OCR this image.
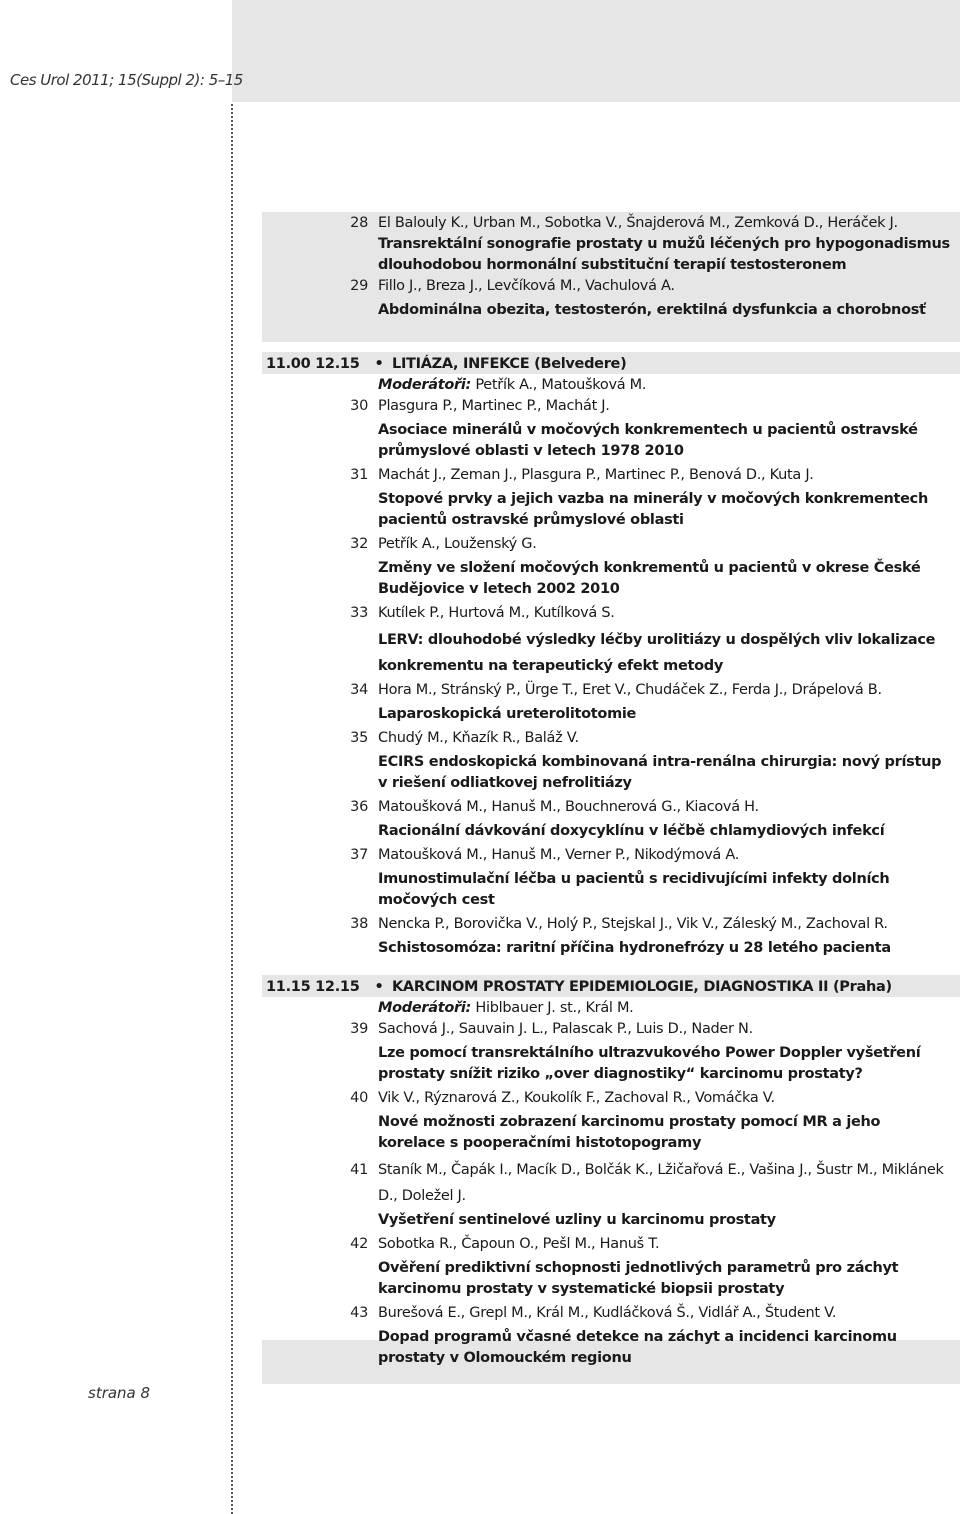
Ces Urol 2011; 15(Suppl 2): 5–15
strana 8
28 El Balouly K., Urban M., Sobotka V., Šnajderová M., Zemková D., Heráček J.
Transrektální sonografie prostaty u mužů léčených pro hypogonadismus dlouhodobou hormonální substituční terapií testosteronem
29 Fillo J., Breza J., Levčíková M., Vachulová A.
Abdominálna obezita, testosterón, erektilná dysfunkcia a chorobnosť
11.00 12.15	• LITIÁZA, INFEKCE (Belvedere)
Moderátoři: Petřík A., Matoušková M.
30 Plasgura P., Martinec P., Machát J.
Asociace minerálů v močových konkrementech u pacientů ostravské průmyslové oblasti v letech 1978 2010
31 Machát J., Zeman J., Plasgura P., Martinec P., Benová D., Kuta J.
Stopové prvky a jejich vazba na minerály v močových konkrementech pacientů ostravské průmyslové oblasti
32 Petřík A., Louženský G.
Změny ve složení močových konkrementů u pacientů v okrese České Budějovice v letech 2002 2010
33 Kutílek P., Hurtová M., Kutílková S.
LERV: dlouhodobé výsledky léčby urolitiázy u dospělých vliv lokalizace konkrementu na terapeutický efekt metody
34 Hora M., Stránský P., Ürge T., Eret V., Chudáček Z., Ferda J., Drápelová B.
Laparoskopická ureterolitotomie
35 Chudý M., Kňazík R., Baláž V.
ECIRS endoskopická kombinovaná intra-renálna chirurgia: nový prístup v riešení odliatkovej nefrolitiázy
36 Matoušková M., Hanuš M., Bouchnerová G., Kiacová H.
Racionální dávkování doxycyklínu v léčbě chlamydiových infekcí
37 Matoušková M., Hanuš M., Verner P., Nikodýmová A.
Imunostimulační léčba u pacientů s recidivujícími infekty dolních močových cest
38 Nencka P., Borovička V., Holý P., Stejskal J., Vik V., Záleský M., Zachoval R.
Schistosomóza: raritní příčina hydronefrózy u 28 letého pacienta
11.15 12.15	• KARCINOM PROSTATY EPIDEMIOLOGIE, DIAGNOSTIKA II (Praha)
Moderátoři: Hiblbauer J. st., Král M.
39 Sachová J., Sauvain J. L., Palascak P., Luis D., Nader N.
Lze pomocí transrektálního ultrazvukového Power Doppler vyšetření prostaty snížit riziko „over diagnostiky“ karcinomu prostaty?
40 Vik V., Rýznarová Z., Koukolík F., Zachoval R., Vomáčka V.
Nové možnosti zobrazení karcinomu prostaty pomocí MR a jeho korelace s pooperačními histotopogramy
41 Staník M., Čapák I., Macík D., Bolčák K., Lžičařová E., Vašina J., Šustr M., Miklánek D., Doležel J.
Vyšetření sentinelové uzliny u karcinomu prostaty
42 Sobotka R., Čapoun O., Pešl M., Hanuš T.
Ověření prediktivní schopnosti jednotlivých parametrů pro záchyt karcinomu prostaty v systematické biopsii prostaty
43 Burešová E., Grepl M., Král M., Kudláčková Š., Vidlář A., Študent V.
Dopad programů včasné detekce na záchyt a incidenci karcinomu prostaty v Olomouckém regionu
